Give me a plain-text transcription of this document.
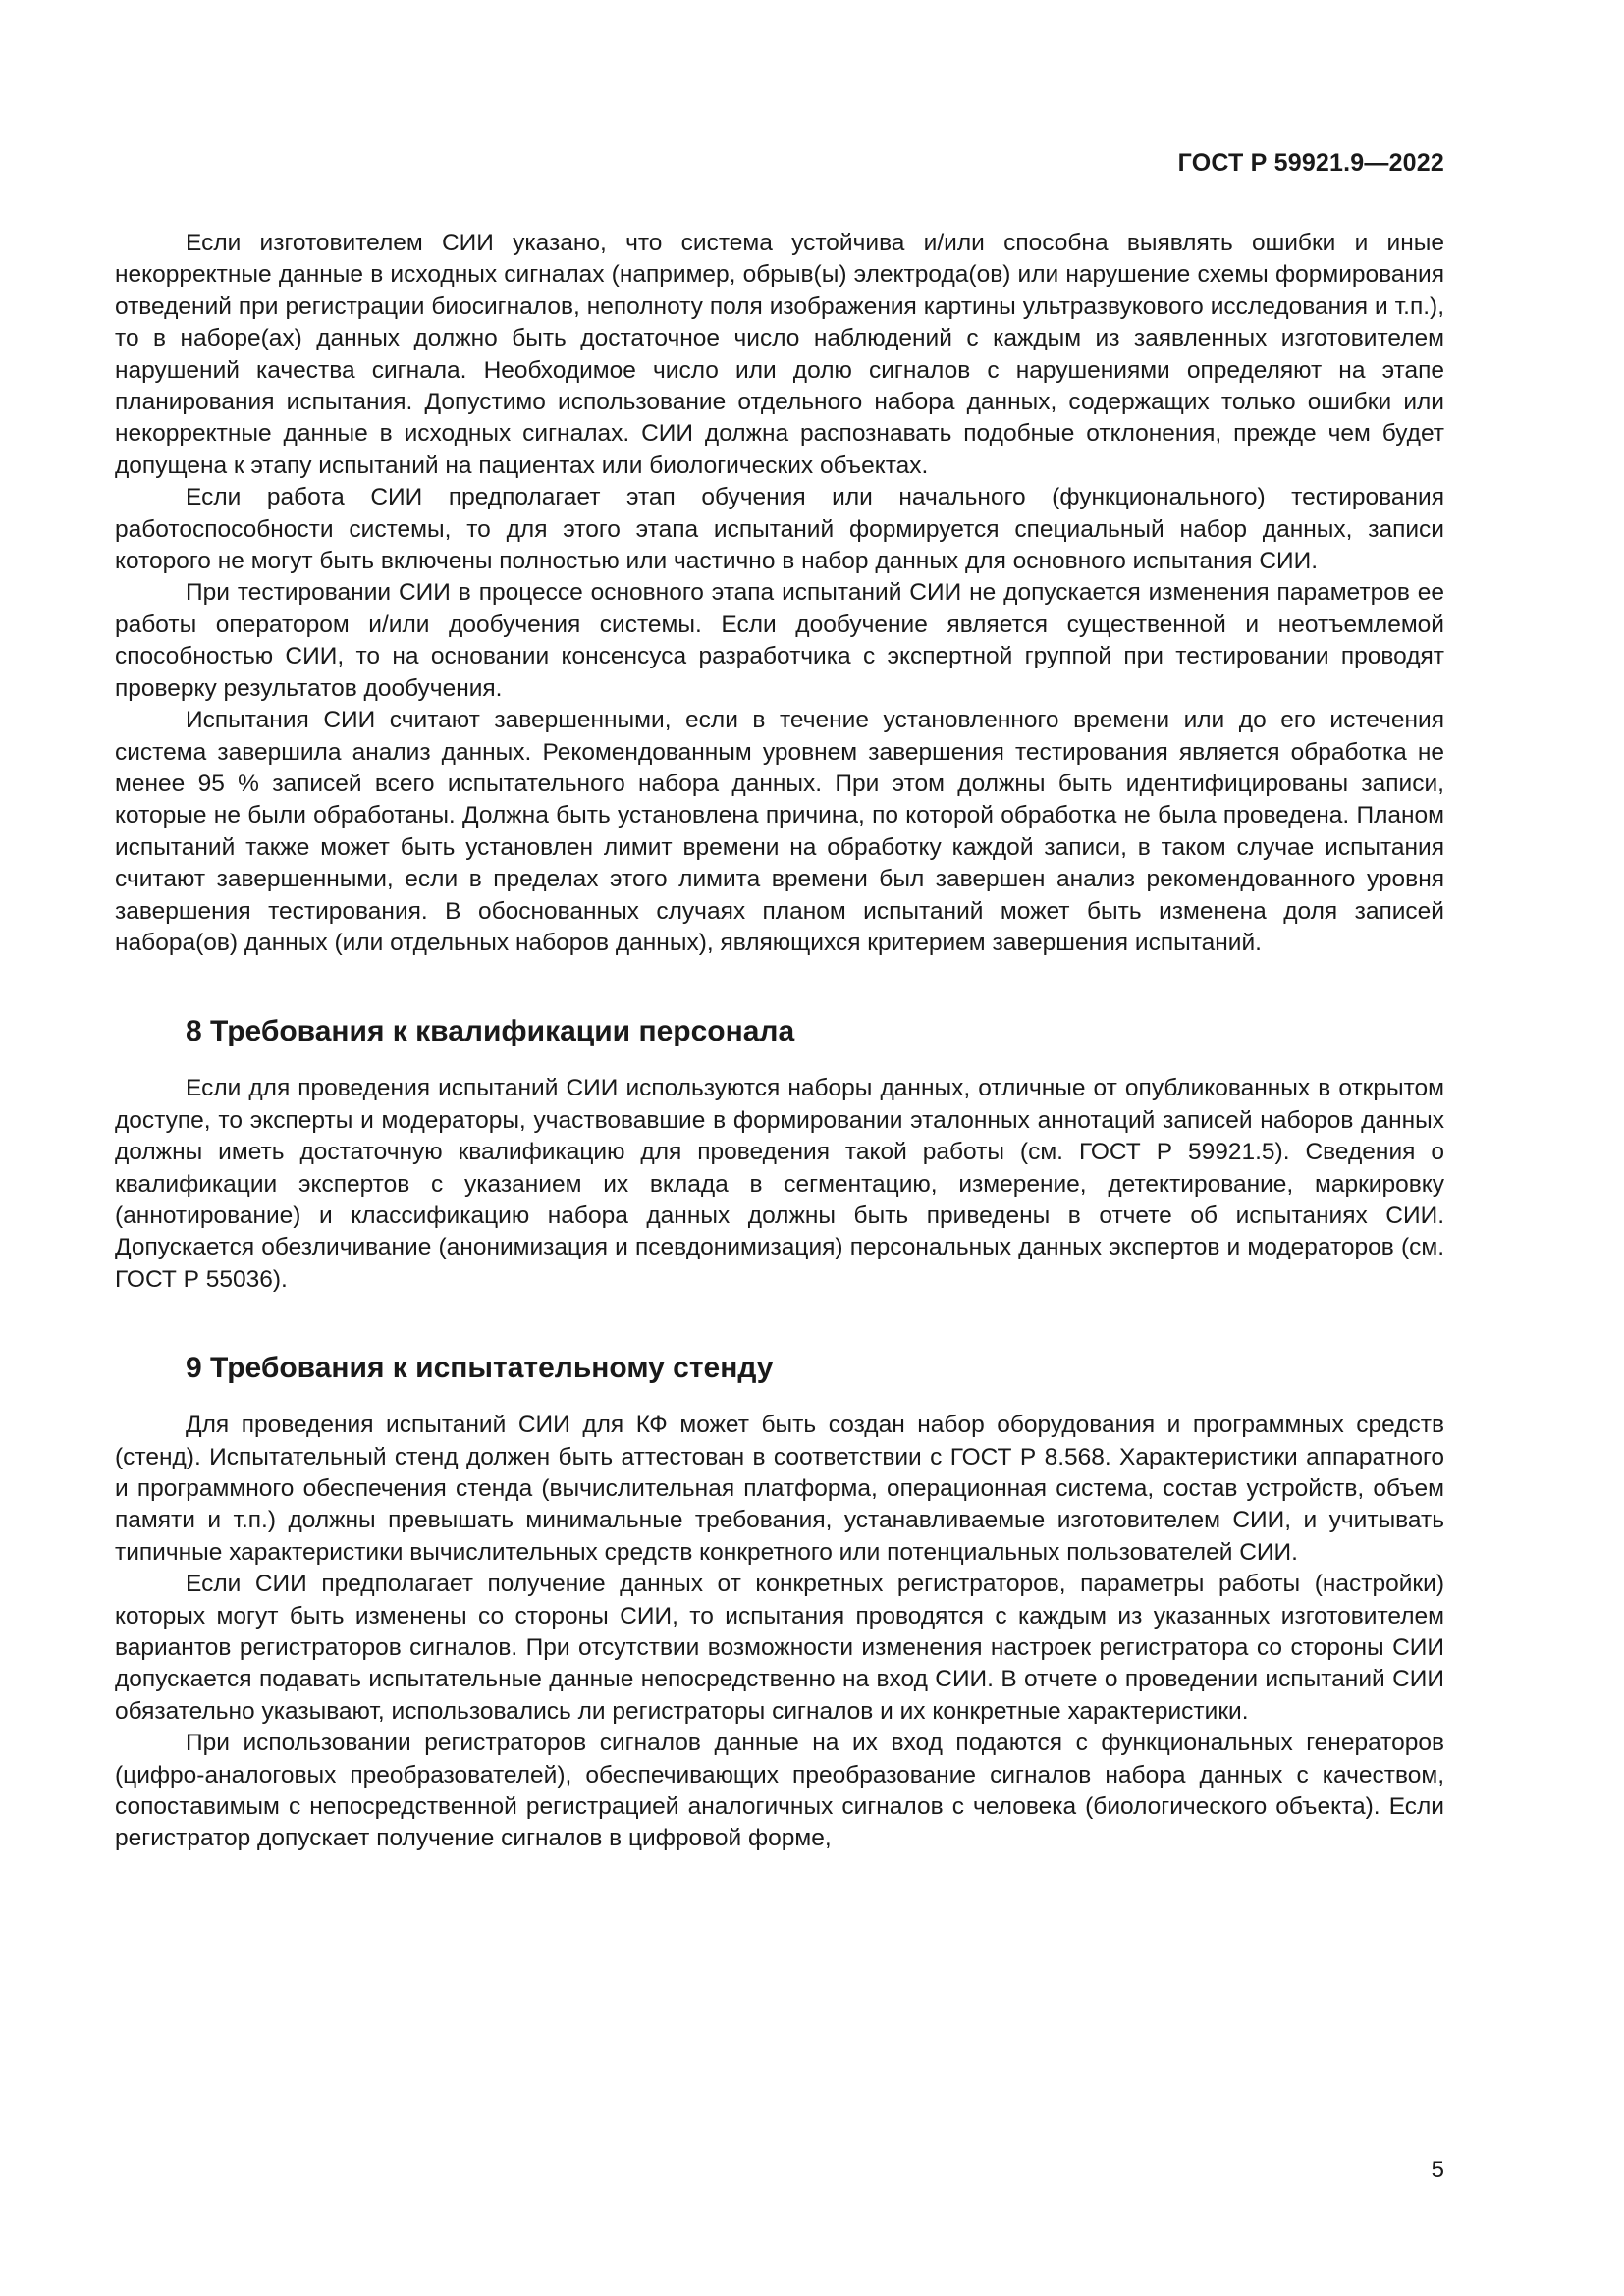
ГОСТ Р 59921.9—2022

Если изготовителем СИИ указано, что система устойчива и/или способна выявлять ошибки и иные некорректные данные в исходных сигналах (например, обрыв(ы) электрода(ов) или нарушение схемы формирования отведений при регистрации биосигналов, неполноту поля изображения картины ультразвукового исследования и т.п.), то в наборе(ах) данных должно быть достаточное число наблюдений с каждым из заявленных изготовителем нарушений качества сигнала. Необходимое число или долю сигналов с нарушениями определяют на этапе планирования испытания. Допустимо использование отдельного набора данных, содержащих только ошибки или некорректные данные в исходных сигналах. СИИ должна распознавать подобные отклонения, прежде чем будет допущена к этапу испытаний на пациентах или биологических объектах.

Если работа СИИ предполагает этап обучения или начального (функционального) тестирования работоспособности системы, то для этого этапа испытаний формируется специальный набор данных, записи которого не могут быть включены полностью или частично в набор данных для основного испытания СИИ.

При тестировании СИИ в процессе основного этапа испытаний СИИ не допускается изменения параметров ее работы оператором и/или дообучения системы. Если дообучение является существенной и неотъемлемой способностью СИИ, то на основании консенсуса разработчика с экспертной группой при тестировании проводят проверку результатов дообучения.

Испытания СИИ считают завершенными, если в течение установленного времени или до его истечения система завершила анализ данных. Рекомендованным уровнем завершения тестирования является обработка не менее 95 % записей всего испытательного набора данных. При этом должны быть идентифицированы записи, которые не были обработаны. Должна быть установлена причина, по которой обработка не была проведена. Планом испытаний также может быть установлен лимит времени на обработку каждой записи, в таком случае испытания считают завершенными, если в пределах этого лимита времени был завершен анализ рекомендованного уровня завершения тестирования. В обоснованных случаях планом испытаний может быть изменена доля записей набора(ов) данных (или отдельных наборов данных), являющихся критерием завершения испытаний.

8 Требования к квалификации персонала

Если для проведения испытаний СИИ используются наборы данных, отличные от опубликованных в открытом доступе, то эксперты и модераторы, участвовавшие в формировании эталонных аннотаций записей наборов данных должны иметь достаточную квалификацию для проведения такой работы (см. ГОСТ Р 59921.5). Сведения о квалификации экспертов с указанием их вклада в сегментацию, измерение, детектирование, маркировку (аннотирование) и классификацию набора данных должны быть приведены в отчете об испытаниях СИИ. Допускается обезличивание (анонимизация и псевдонимизация) персональных данных экспертов и модераторов (см. ГОСТ Р 55036).

9 Требования к испытательному стенду

Для проведения испытаний СИИ для КФ может быть создан набор оборудования и программных средств (стенд). Испытательный стенд должен быть аттестован в соответствии с ГОСТ Р 8.568. Характеристики аппаратного и программного обеспечения стенда (вычислительная платформа, операционная система, состав устройств, объем памяти и т.п.) должны превышать минимальные требования, устанавливаемые изготовителем СИИ, и учитывать типичные характеристики вычислительных средств конкретного или потенциальных пользователей СИИ.

Если СИИ предполагает получение данных от конкретных регистраторов, параметры работы (настройки) которых могут быть изменены со стороны СИИ, то испытания проводятся с каждым из указанных изготовителем вариантов регистраторов сигналов. При отсутствии возможности изменения настроек регистратора со стороны СИИ допускается подавать испытательные данные непосредственно на вход СИИ. В отчете о проведении испытаний СИИ обязательно указывают, использовались ли регистраторы сигналов и их конкретные характеристики.

При использовании регистраторов сигналов данные на их вход подаются с функциональных генераторов (цифро-аналоговых преобразователей), обеспечивающих преобразование сигналов набора данных с качеством, сопоставимым с непосредственной регистрацией аналогичных сигналов с человека (биологического объекта). Если регистратор допускает получение сигналов в цифровой форме,

5
